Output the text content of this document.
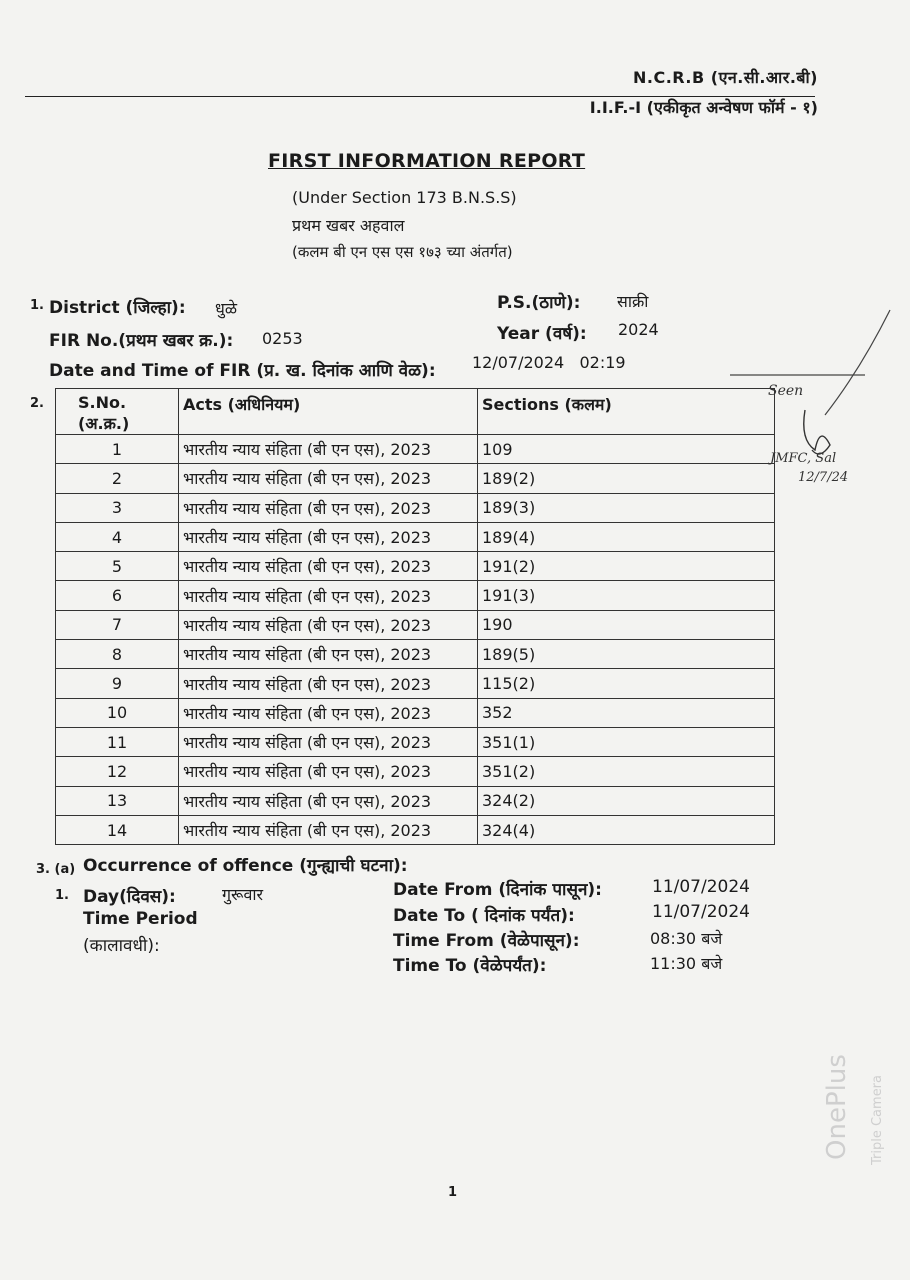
N.C.R.B (एन.सी.आर.बी)
I.I.F.-I (एकीकृत अन्वेषण फॉर्म - १)
FIRST INFORMATION REPORT
(Under Section 173 B.N.S.S)
प्रथम खबर अहवाल
(कलम बी एन एस एस १७३ च्या अंतर्गत)
1. District (जिल्हा): धुळे	P.S.(ठाणे): साक्री
FIR No.(प्रथम खबर क्र.): 0253	Year (वर्ष): 2024
Date and Time of FIR (प्र. ख. दिनांक आणि वेळ): 12/07/2024   02:19
2. S.No. (अ.क्र.)	Acts (अधिनियम)	Sections (कलम)
1	भारतीय न्याय संहिता (बी एन एस), 2023	109
2	भारतीय न्याय संहिता (बी एन एस), 2023	189(2)
3	भारतीय न्याय संहिता (बी एन एस), 2023	189(3)
4	भारतीय न्याय संहिता (बी एन एस), 2023	189(4)
5	भारतीय न्याय संहिता (बी एन एस), 2023	191(2)
6	भारतीय न्याय संहिता (बी एन एस), 2023	191(3)
7	भारतीय न्याय संहिता (बी एन एस), 2023	190
8	भारतीय न्याय संहिता (बी एन एस), 2023	189(5)
9	भारतीय न्याय संहिता (बी एन एस), 2023	115(2)
10	भारतीय न्याय संहिता (बी एन एस), 2023	352
11	भारतीय न्याय संहिता (बी एन एस), 2023	351(1)
12	भारतीय न्याय संहिता (बी एन एस), 2023	351(2)
13	भारतीय न्याय संहिता (बी एन एस), 2023	324(2)
14	भारतीय न्याय संहिता (बी एन एस), 2023	324(4)
3. (a) Occurrence of offence (गुन्ह्याची घटना):
1. Day(दिवस):	गुरूवार
Time Period
(कालावधी):
Date From (दिनांक पासून):	11/07/2024
Date To ( दिनांक पर्यंत):	11/07/2024
Time From (वेळेपासून):	08:30 बजे
Time To (वेळेपर्यंत):	11:30 बजे
Seen
JMFC, Sal
12/7/24
1
OnePlus Triple Camera
